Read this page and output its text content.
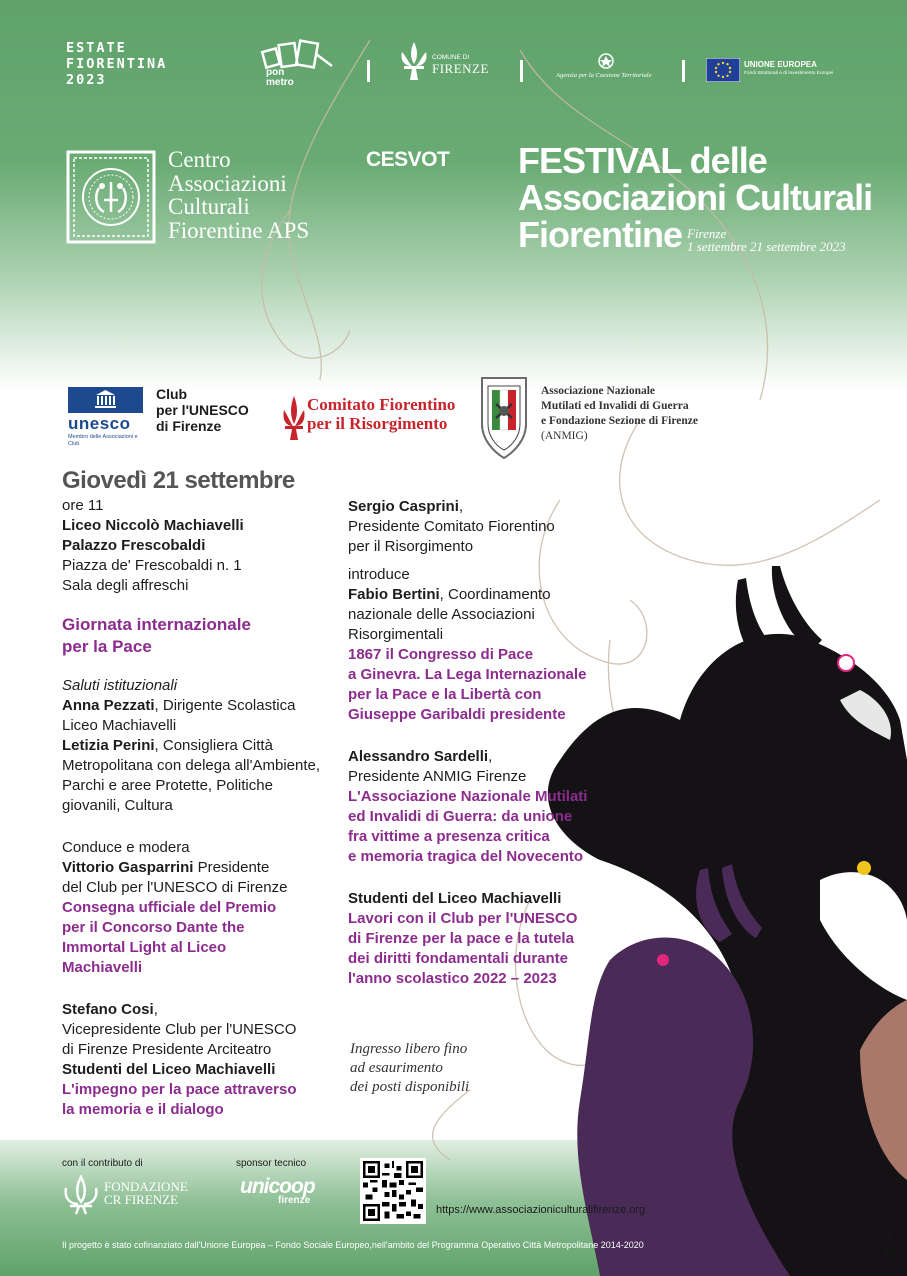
ESTATE
FIORENTINA
2023	pon
metro
COMUNE DI
FIRENZE	Agenzia per la Coesione Territoriale
UNIONE EUROPEA
Fondi Strutturali e di Investimento Europei
Centro
Associazioni
Culturali
Fiorentine APS
CESVOT FESTIVAL delle
Associazioni Culturali
Fiorentine Firenze
1 settembre 21 settembre 2023
unesco
Membro delle Associazioni e Club
Club
per l'UNESCO
di Firenze
Comitato Fiorentino
per il Risorgimento
Associazione Nazionale
Mutilati ed Invalidi di Guerra
e Fondazione Sezione di Firenze
(ANMIG)

Giovedì 21 settembre

ore 11

Liceo Niccolò Machiavelli

Palazzo Frescobaldi

Piazza de' Frescobaldi n. 1

Sala degli affreschi

Giornata internazionale

per la Pace

Saluti istituzionali

Anna Pezzati, Dirigente Scolastica

Liceo Machiavelli

Letizia Perini, Consigliera Città

Metropolitana con delega all'Ambiente,

Parchi e aree Protette, Politiche

giovanili, Cultura

Conduce e modera

Vittorio Gasparrini Presidente

del Club per l'UNESCO di Firenze

Consegna ufficiale del Premio

per il Concorso Dante the

Immortal Light al Liceo

Machiavelli

Stefano Cosi,

Vicepresidente Club per l'UNESCO

di Firenze Presidente Arciteatro

Studenti del Liceo Machiavelli

L'impegno per la pace attraverso

la memoria e il dialogo

Sergio Casprini,

Presidente Comitato Fiorentino

per il Risorgimento

introduce

Fabio Bertini, Coordinamento

nazionale delle Associazioni

Risorgimentali

1867 il Congresso di Pace

a Ginevra. La Lega Internazionale

per la Pace e la Libertà con

Giuseppe Garibaldi presidente

Alessandro Sardelli,

Presidente ANMIG Firenze

L'Associazione Nazionale Mutilati

ed Invalidi di Guerra: da unione

fra vittime a presenza critica

e memoria tragica del Novecento

Studenti del Liceo Machiavelli

Lavori con il Club per l'UNESCO

di Firenze per la pace e la tutela

dei diritti fondamentali durante

l'anno scolastico 2022 – 2023

Ingresso libero fino
ad esaurimento
dei posti disponibili
con il contributo di
FONDAZIONE
CR FIRENZE
sponsor tecnico
unicoop
firenze
https://www.associazioniculturalifirenze.org
Il progetto è stato cofinanziato dall'Unione Europea – Fondo Sociale Europeo,nell'ambito del Programma Operativo Città Metropolitane 2014-2020	COUVO grafica.eu
